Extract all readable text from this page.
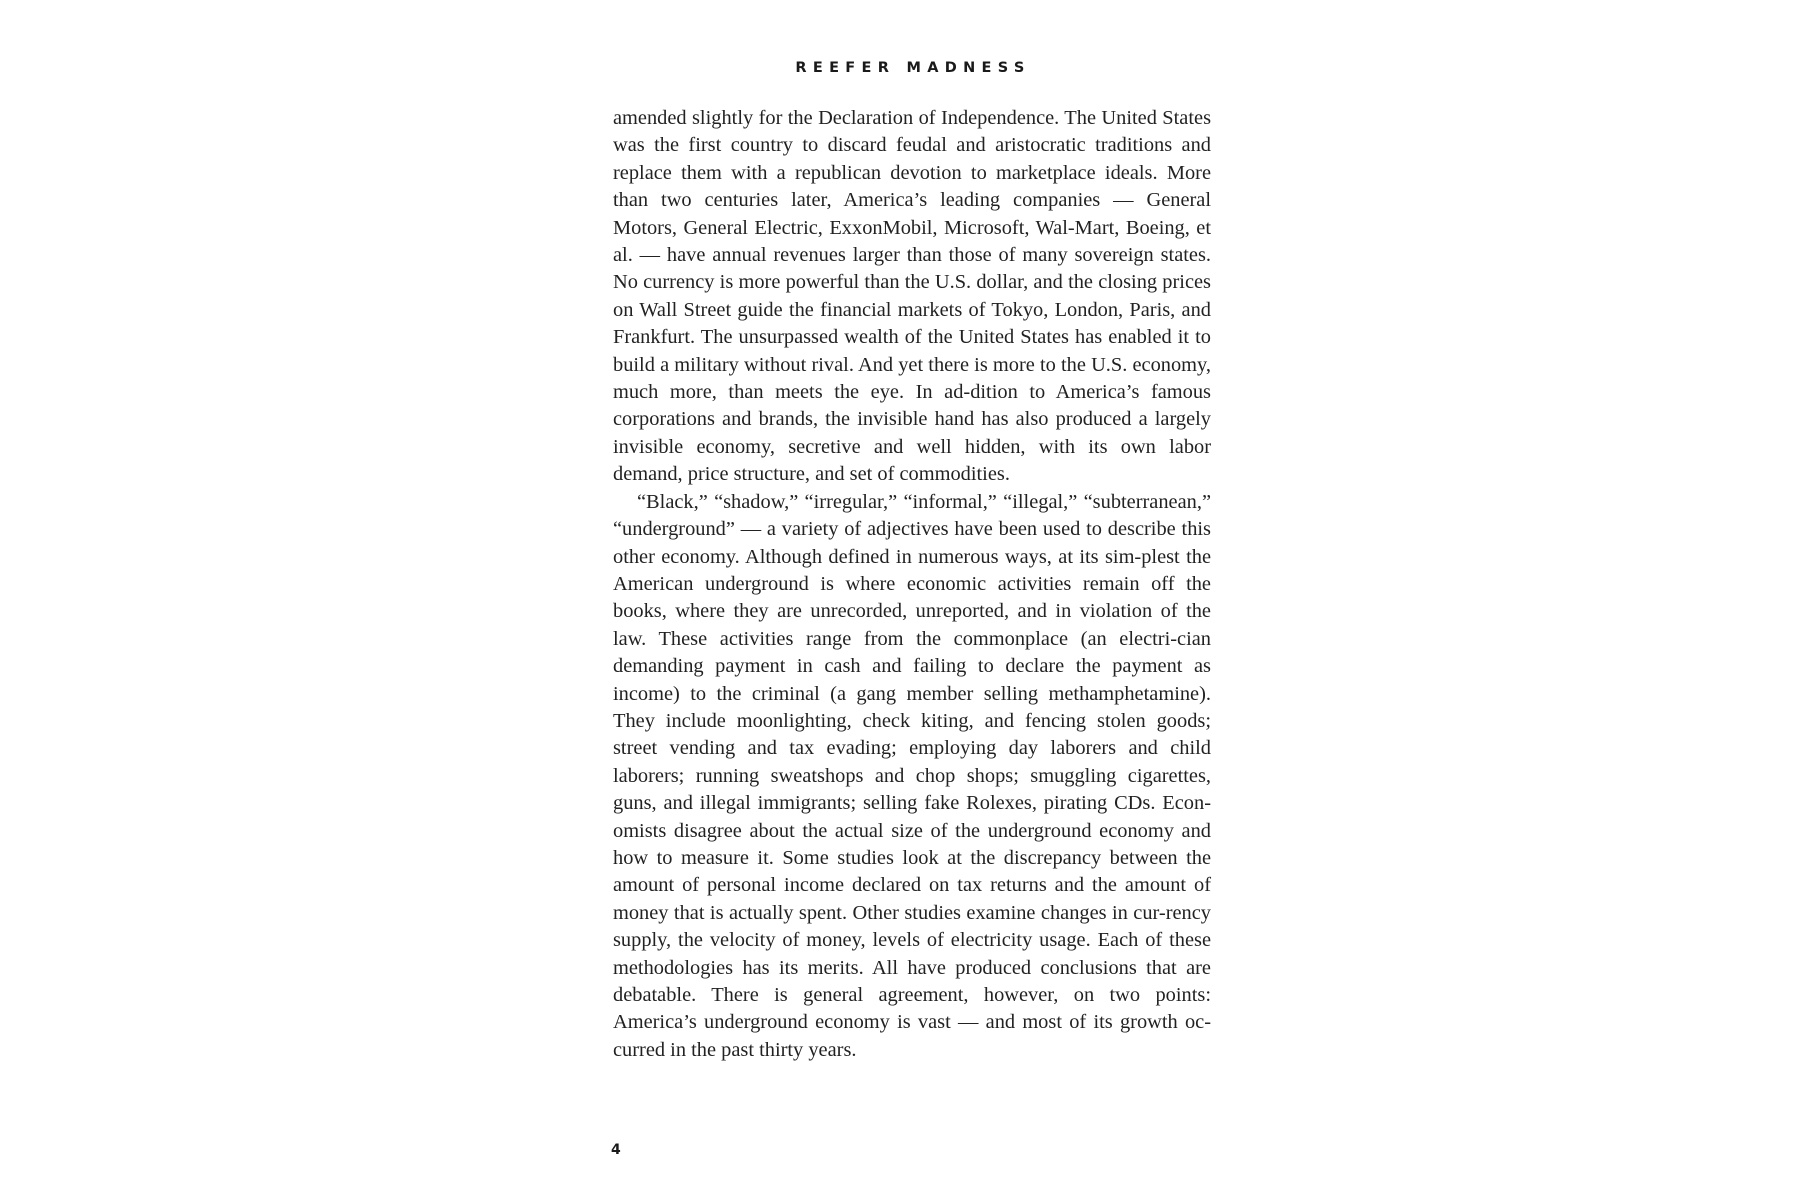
REEFER MADNESS

amended slightly for the Declaration of Independence. The United States was the first country to discard feudal and aristocratic traditions and replace them with a republican devotion to marketplace ideals. More than two centuries later, America’s leading companies — General Motors, General Electric, ExxonMobil, Microsoft, Wal-Mart, Boeing, et al. — have annual revenues larger than those of many sovereign states. No currency is more powerful than the U.S. dollar, and the closing prices on Wall Street guide the financial markets of Tokyo, London, Paris, and Frankfurt. The unsurpassed wealth of the United States has enabled it to build a military without rival. And yet there is more to the U.S. economy, much more, than meets the eye. In ad-dition to America’s famous corporations and brands, the invisible hand has also produced a largely invisible economy, secretive and well hidden, with its own labor demand, price structure, and set of commodities.

“Black,” “shadow,” “irregular,” “informal,” “illegal,” “subterranean,” “underground” — a variety of adjectives have been used to describe this other economy. Although defined in numerous ways, at its sim-plest the American underground is where economic activities remain off the books, where they are unrecorded, unreported, and in violation of the law. These activities range from the commonplace (an electri-cian demanding payment in cash and failing to declare the payment as income) to the criminal (a gang member selling methamphetamine). They include moonlighting, check kiting, and fencing stolen goods; street vending and tax evading; employing day laborers and child laborers; running sweatshops and chop shops; smuggling cigarettes, guns, and illegal immigrants; selling fake Rolexes, pirating CDs. Econ-omists disagree about the actual size of the underground economy and how to measure it. Some studies look at the discrepancy between the amount of personal income declared on tax returns and the amount of money that is actually spent. Other studies examine changes in cur-rency supply, the velocity of money, levels of electricity usage. Each of these methodologies has its merits. All have produced conclusions that are debatable. There is general agreement, however, on two points: America’s underground economy is vast — and most of its growth oc-curred in the past thirty years.

4
